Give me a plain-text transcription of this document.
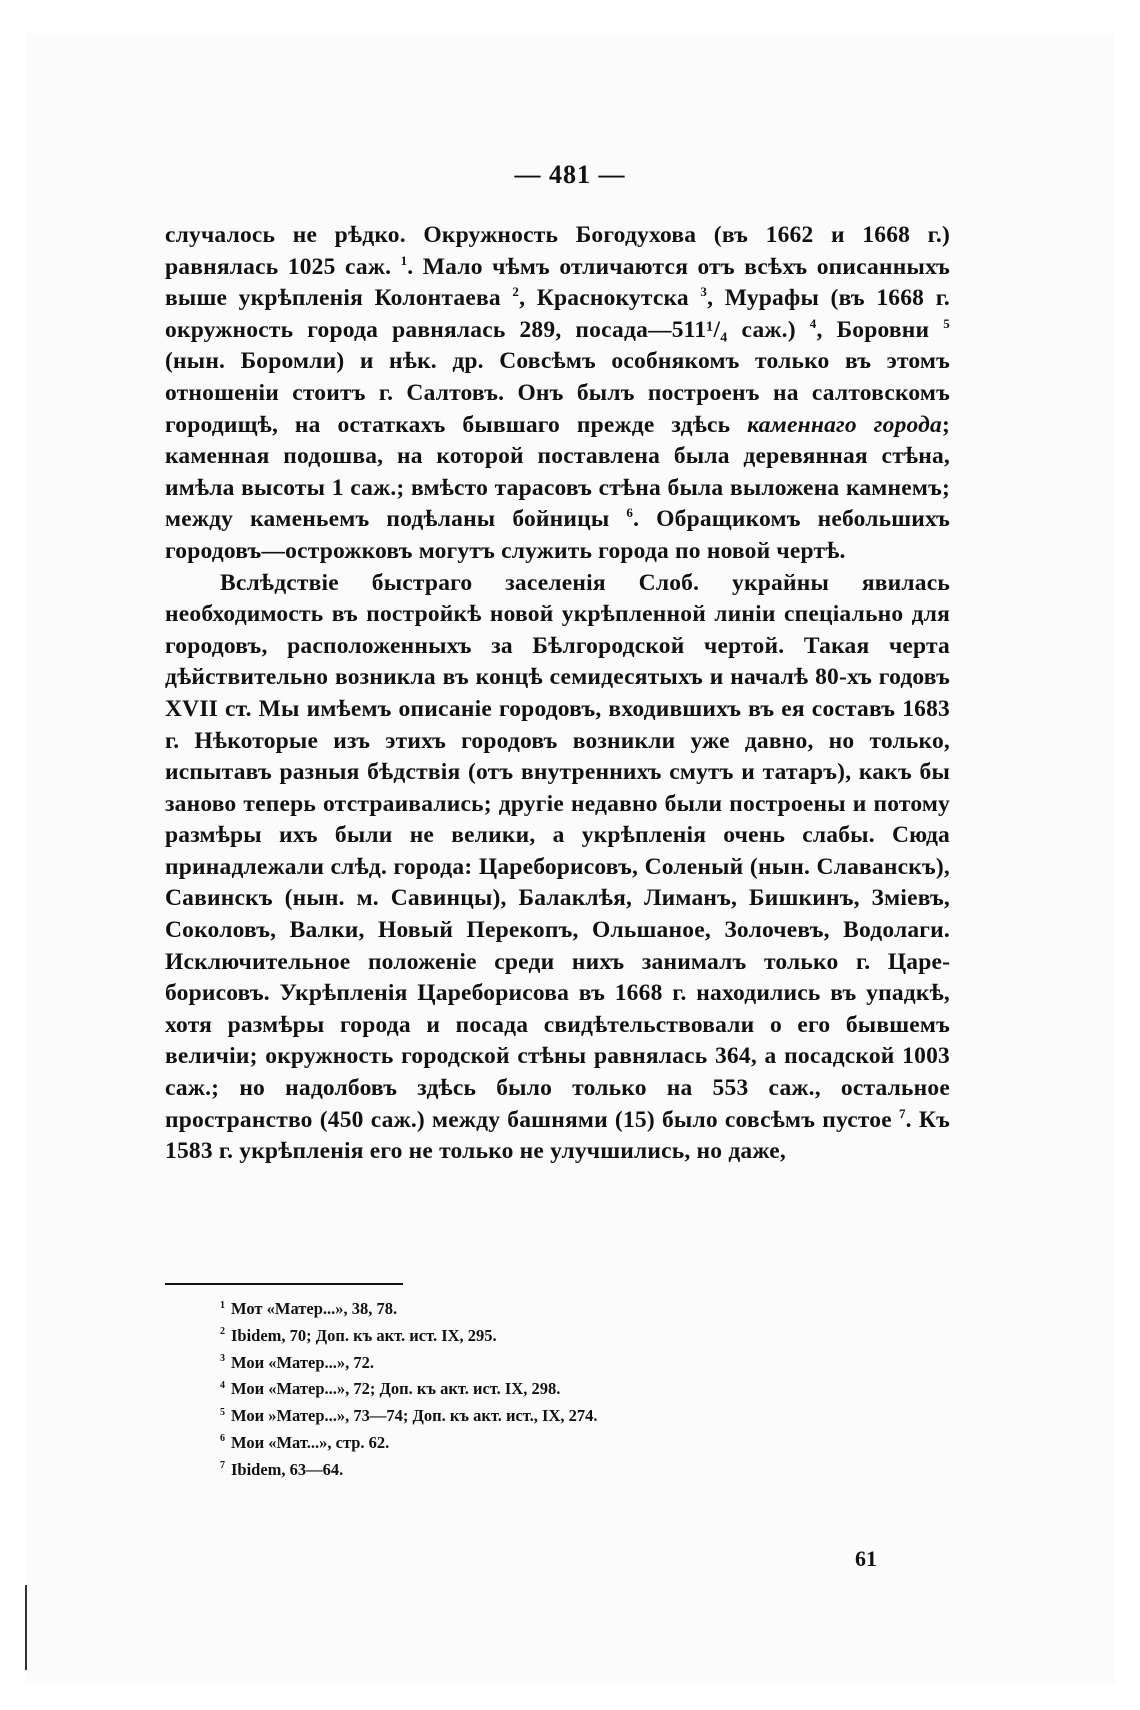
— 481 —

случалось не рѣдко. Окружность Богодухова (въ 1662 и 1668 г.) равнялась 1025 саж. $^1$. Мало чѣмъ отличаются отъ всѣхъ описанныхъ выше укрѣпленія Колонтаева $^2$, Краснокутска $^3$, Мурафы (въ 1668 г. окружность города равнялась 289, посада—511¹/₄ саж.) $^4$, Боровни $^5$ (нын. Боромли) и нѣк. др. Совсѣмъ особнякомъ только въ этомъ отношеніи стоитъ г. Салтовъ. Онъ былъ построенъ на салтовскомъ городищѣ, на остаткахъ бывшаго прежде здѣсь каменнаго города; каменная подошва, на которой поставлена была деревянная стѣна, имѣла высоты 1 саж.; вмѣсто тарасовъ стѣна была выложена камнемъ; между каменьемъ подѣланы бойницы $^6$. Обращикомъ небольшихъ городовъ—острожковъ могутъ служить города по новой чертѣ.

Вслѣдствіе быстраго заселенія Слоб. украйны явилась необходимость въ постройкѣ новой укрѣпленной линіи спеціально для городовъ, расположенныхъ за Бѣлгородской чертой. Такая черта дѣйствительно возникла въ концѣ семидесятыхъ и началѣ 80-хъ годовъ XVII ст. Мы имѣемъ описаніе городовъ, входившихъ въ ея составъ 1683 г. Нѣкоторые изъ этихъ городовъ возникли уже давно, но только, испытавъ разныя бѣдствія (отъ внутреннихъ смутъ и татаръ), какъ бы заново теперь отстраивались; другіе недавно были построены и потому размѣры ихъ были не велики, а укрѣпленія очень слабы. Сюда принадлежали слѣд. города: Цареборисовъ, Соленый (нын. Славанскъ), Савинскъ (нын. м. Савинцы), Балаклѣя, Лиманъ, Бишкинъ, Зміевъ, Соколовъ, Валки, Новый Перекопъ, Ольшаное, Золочевъ, Водолаги. Исключительное положеніе среди нихъ занималъ только г. Цареборисовъ. Укрѣпленія Цареборисова въ 1668 г. находились въ упадкѣ, хотя размѣры города и посада свидѣтельствовали о его бывшемъ величіи; окружность городской стѣны равнялась 364, а посадской 1003 саж.; но надолбовъ здѣсь было только на 553 саж., остальное пространство (450 саж.) между башнями (15) было совсѣмъ пустое $^7$. Къ 1583 г. укрѣпленія его не только не улучшились, но даже,

$^1$ Мот «Матер...», 38, 78.
$^2$ Ibidem, 70; Доп. къ акт. ист. IX, 295.
$^3$ Мои «Матер...», 72.
$^4$ Мои «Матер...», 72; Доп. къ акт. ист. IX, 298.
$^5$ Мои »Матер...», 73—74; Доп. къ акт. ист., IX, 274.
$^6$ Мои «Мат...», стр. 62.
$^7$ Ibidem, 63—64.
61
